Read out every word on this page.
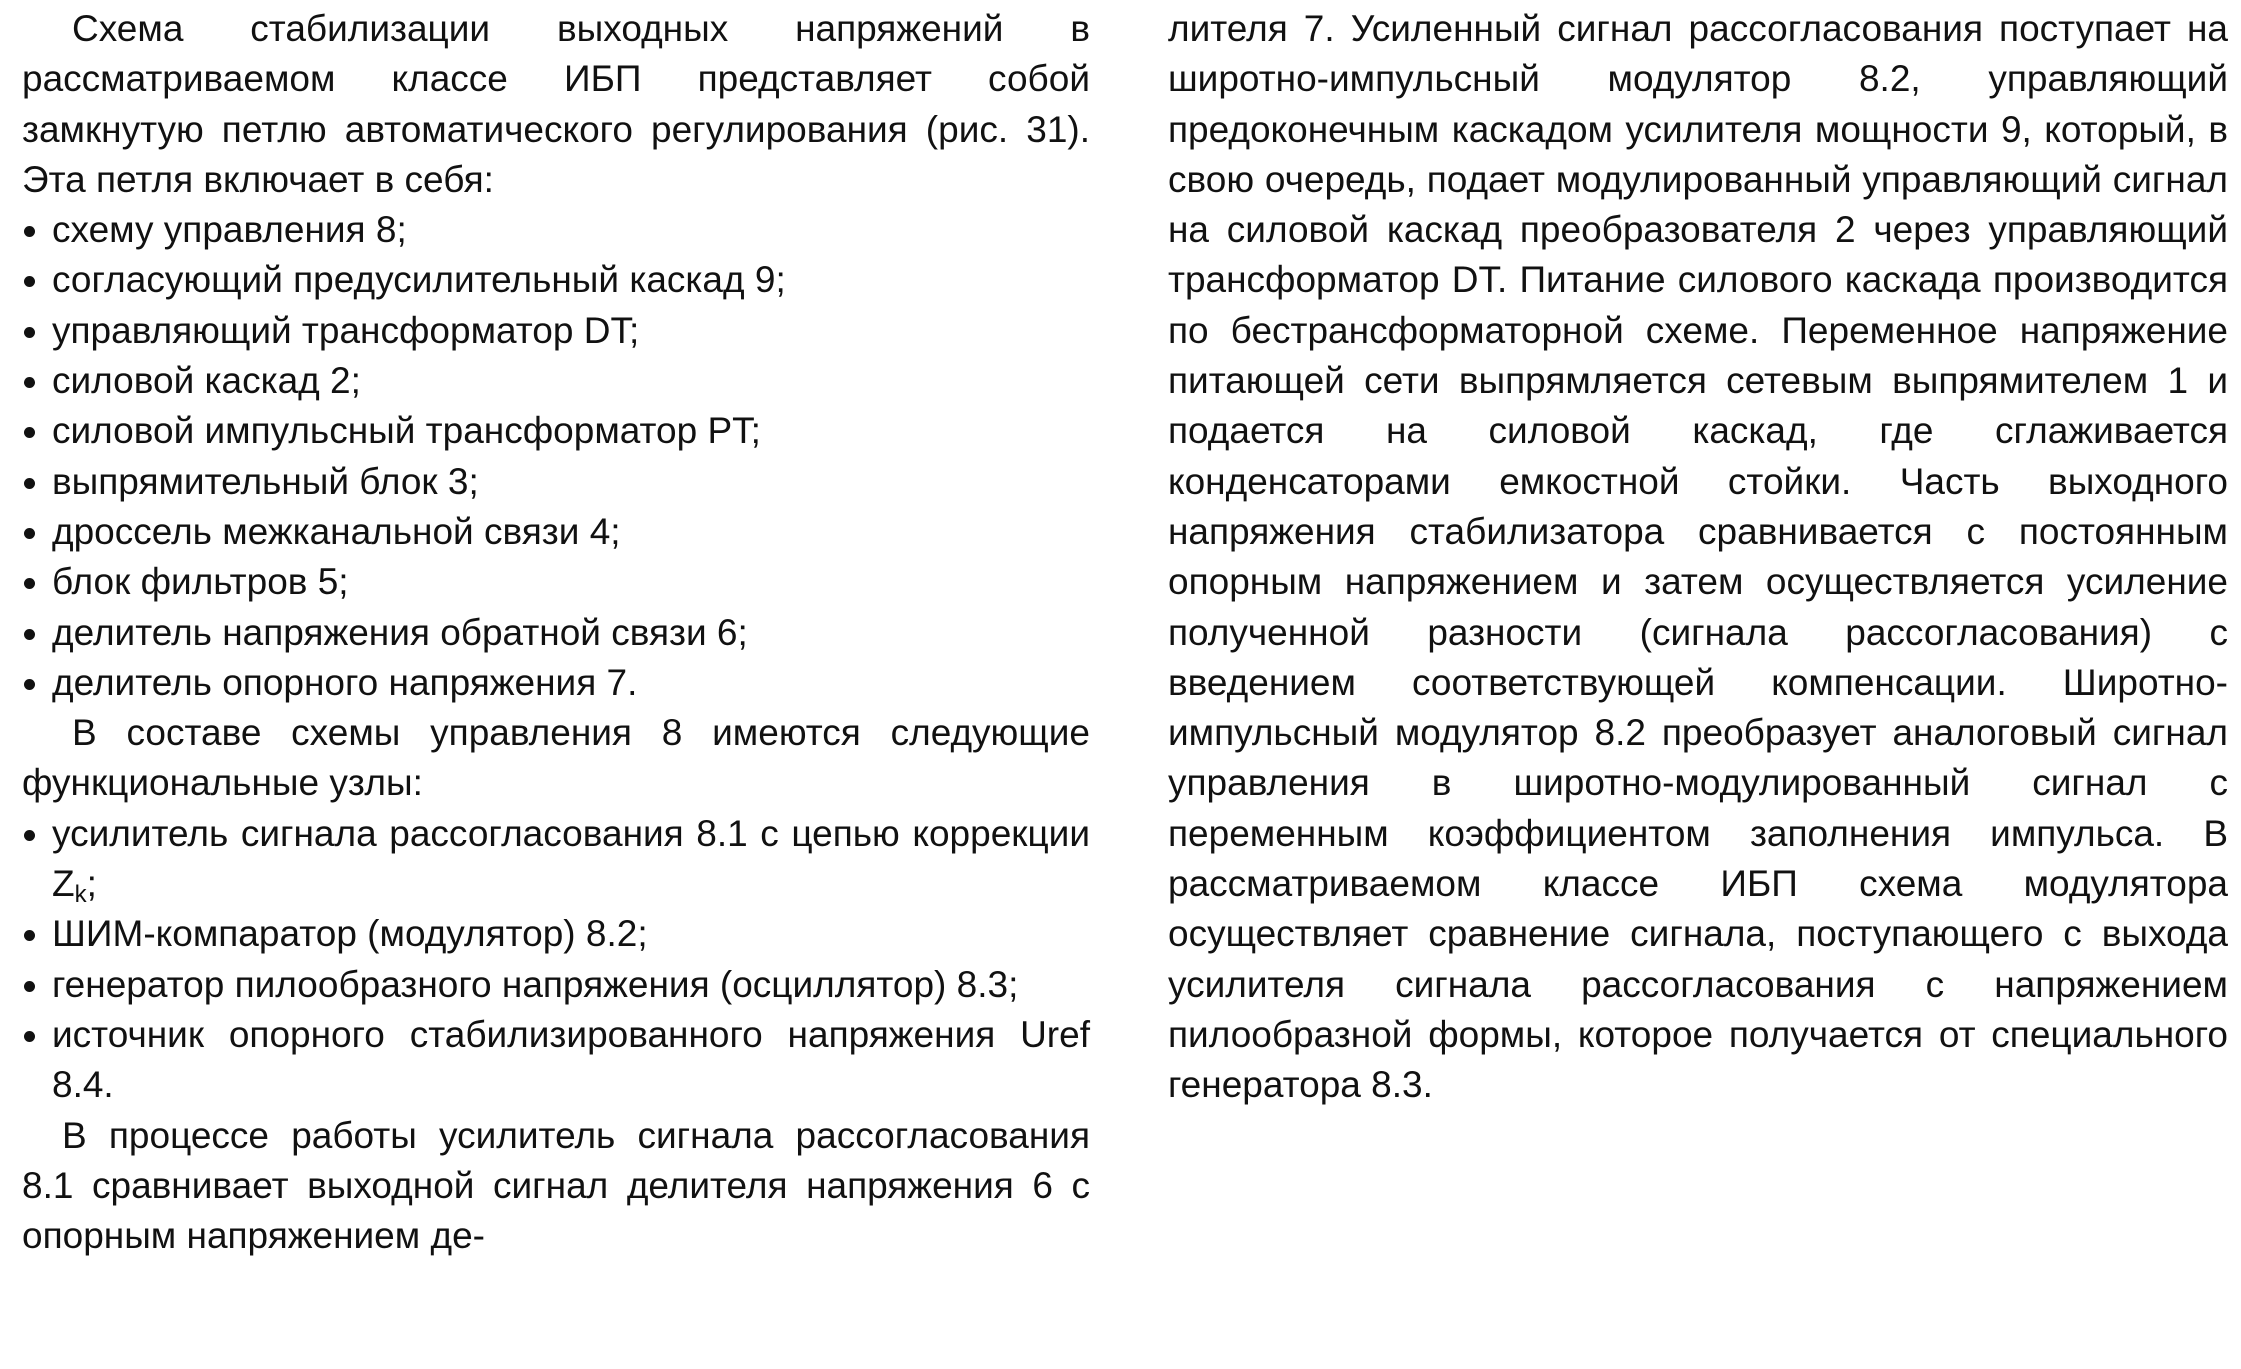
Схема стабилизации выходных напряжений в рассматриваемом классе ИБП представляет собой замкнутую петлю автоматического регулирования (рис. 31). Эта петля включает в себя:

схему управления 8;
согласующий предусилительный каскад 9;
управляющий трансформатор DT;
силовой каскад 2;
силовой импульсный трансформатор PT;
выпрямительный блок 3;
дроссель межканальной связи 4;
блок фильтров 5;
делитель напряжения обратной связи 6;
делитель опорного напряжения 7.

В составе схемы управления 8 имеются следующие функциональные узлы:

усилитель сигнала рассогласования 8.1 с цепью коррекции $Z_k$;
ШИМ-компаратор (модулятор) 8.2;
генератор пилообразного напряжения (осциллятор) 8.3;
источник опорного стабилизированного напряжения Uref 8.4.

В процессе работы усилитель сигнала рассогласования 8.1 сравнивает выходной сигнал делителя напряжения 6 с опорным напряжением де-

лителя 7. Усиленный сигнал рассогласования поступает на широтно-импульсный модулятор 8.2, управляющий предоконечным каскадом усилителя мощности 9, который, в свою очередь, подает модулированный управляющий сигнал на силовой каскад преобразователя 2 через управляющий трансформатор DT. Питание силового каскада производится по бестрансформаторной схеме. Переменное напряжение питающей сети выпрямляется сетевым выпрямителем 1 и подается на силовой каскад, где сглаживается конденсаторами емкостной стойки. Часть выходного напряжения стабилизатора сравнивается с постоянным опорным напряжением и затем осуществляется усиление полученной разности (сигнала рассогласования) с введением соответствующей компенсации. Широтно-импульсный модулятор 8.2 преобразует аналоговый сигнал управления в широтно-модулированный сигнал с переменным коэффициентом заполнения импульса. В рассматриваемом классе ИБП схема модулятора осуществляет сравнение сигнала, поступающего с выхода усилителя сигнала рассогласования с напряжением пилообразной формы, которое получается от специального генератора 8.3.
